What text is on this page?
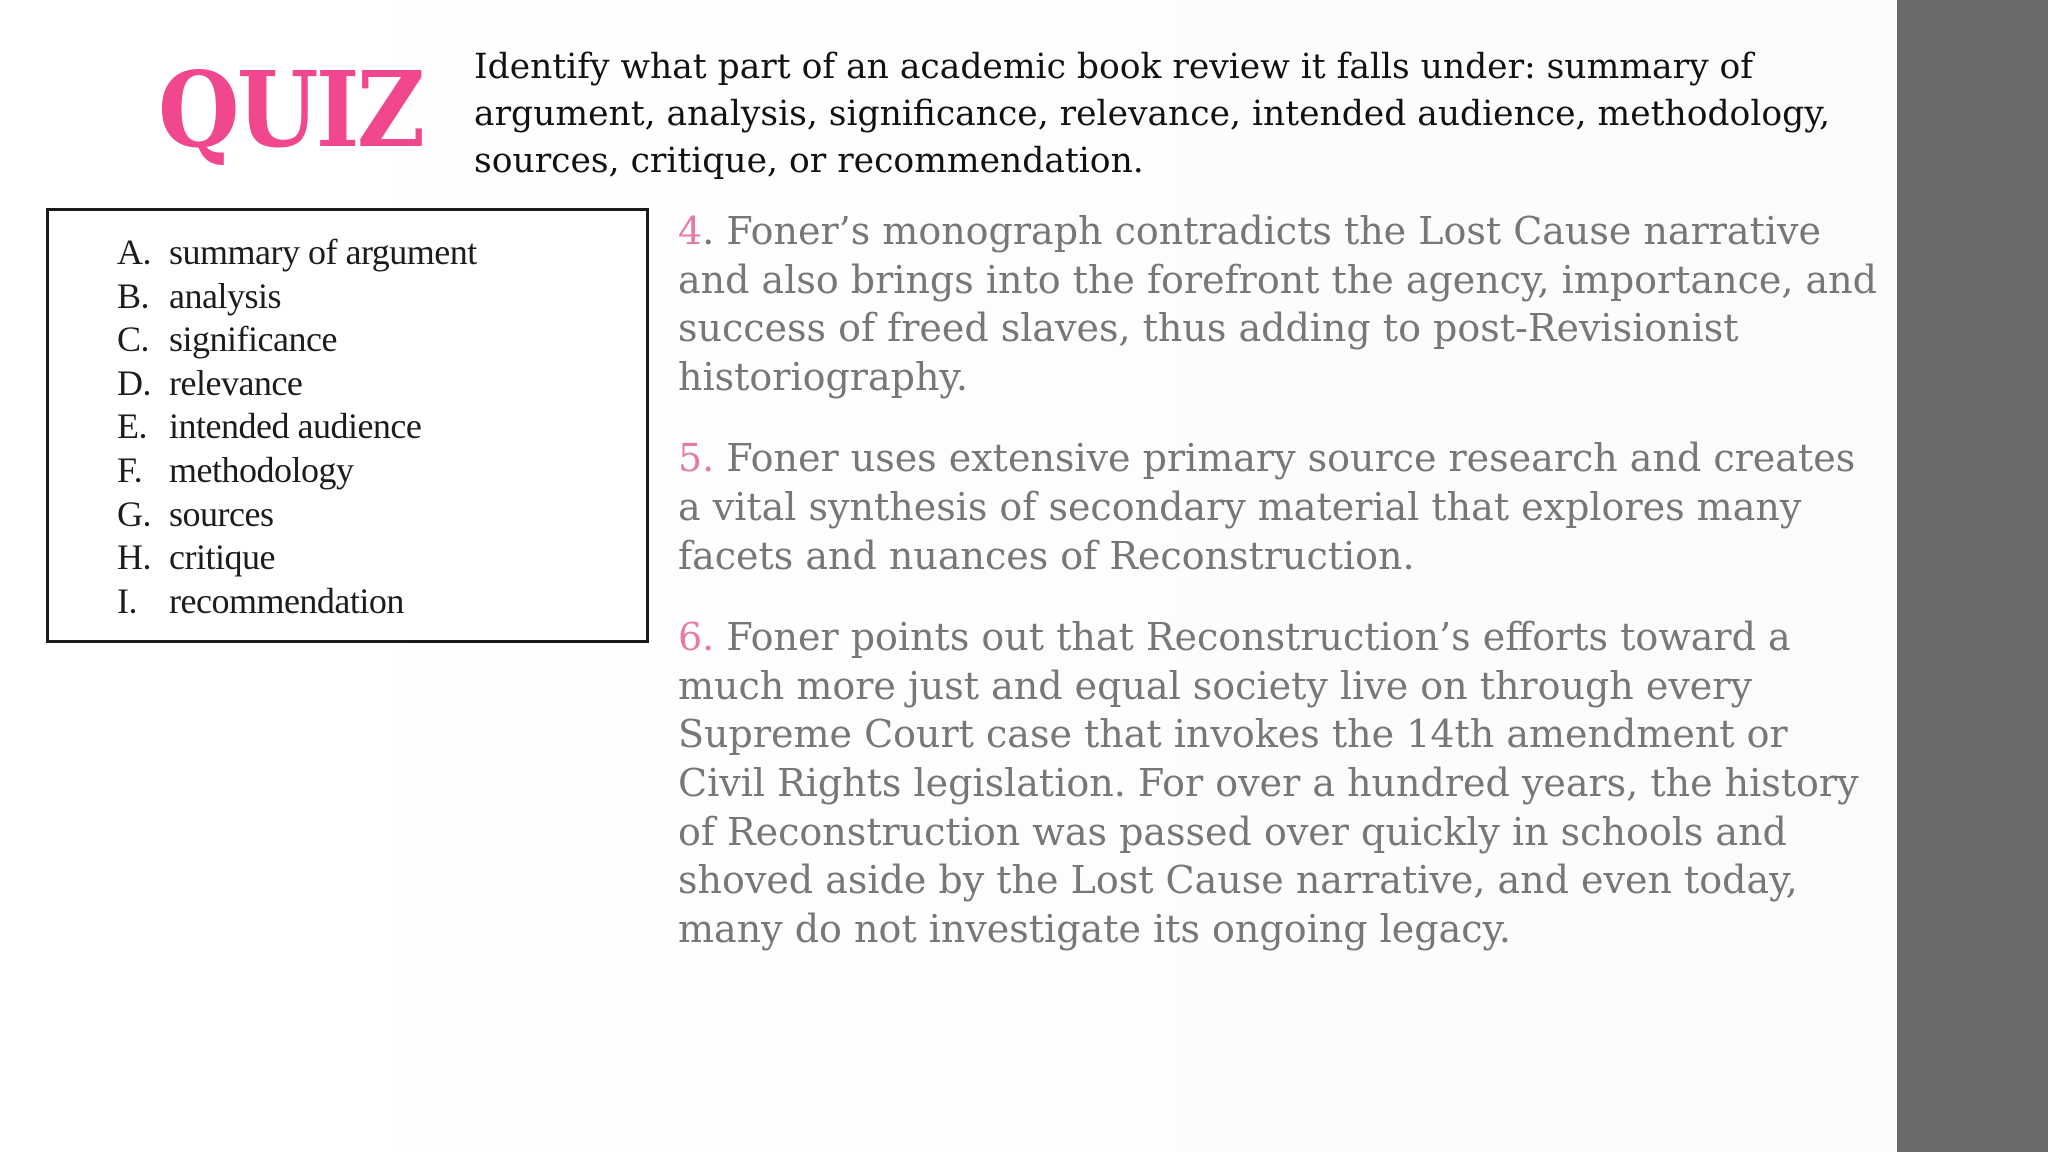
QUIZ Identify what part of an academic book review it falls under: summary of argument, analysis, significance, relevance, intended audience, methodology, sources, critique, or recommendation.
A. summary of argument
B. analysis
C. significance
D. relevance
E. intended audience
F. methodology
G. sources
H. critique
I. recommendation

4. Foner’s monograph contradicts the Lost Cause narrative and also brings into the forefront the agency, importance, and success of freed slaves, thus adding to post-Revisionist historiography.

5. Foner uses extensive primary source research and creates a vital synthesis of secondary material that explores many facets and nuances of Reconstruction.

6. Foner points out that Reconstruction’s efforts toward a much more just and equal society live on through every Supreme Court case that invokes the 14th amendment or Civil Rights legislation. For over a hundred years, the history of Reconstruction was passed over quickly in schools and shoved aside by the Lost Cause narrative, and even today, many do not investigate its ongoing legacy.
